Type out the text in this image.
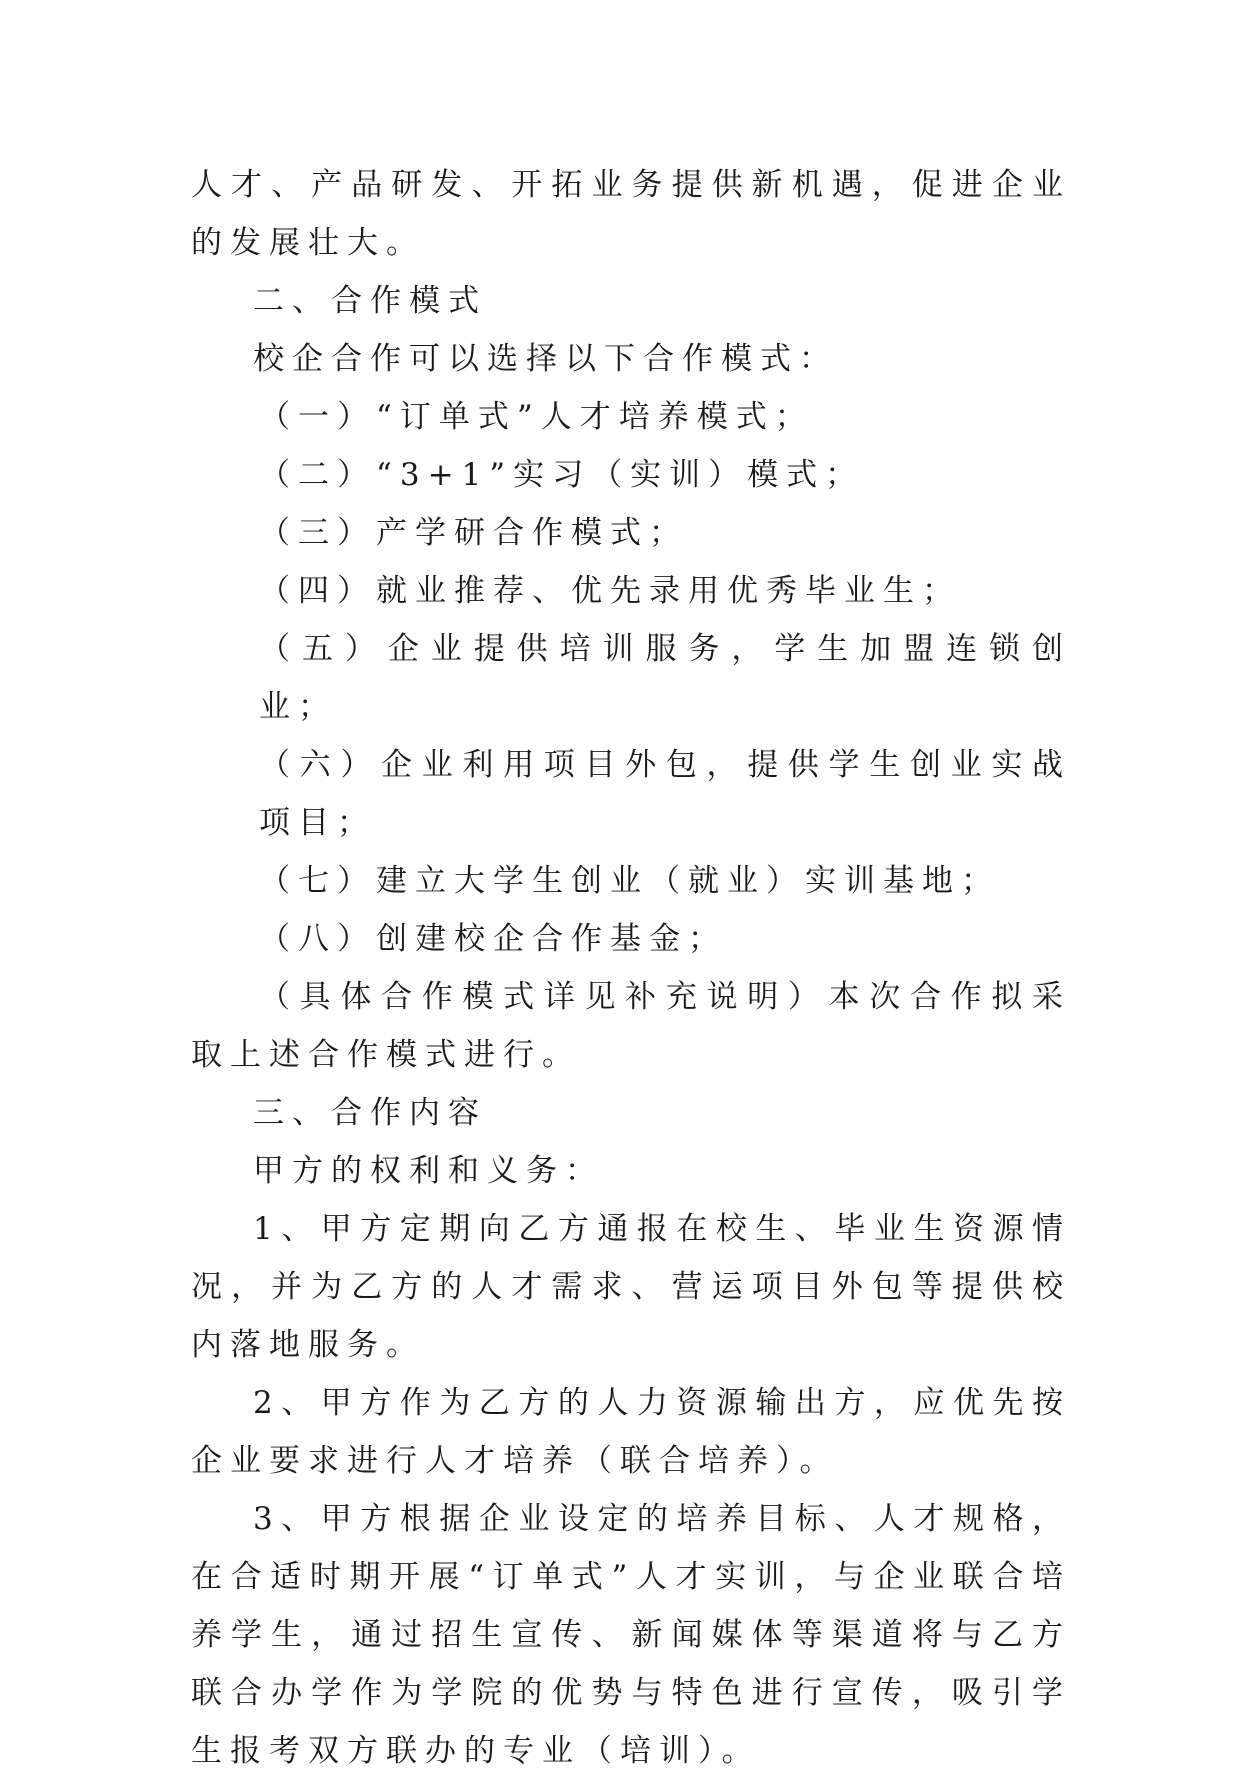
人才、产品研发、开拓业务提供新机遇，促进企业的发展壮大。

二、合作模式

校企合作可以选择以下合作模式：

（一）“订单式”人才培养模式；

（二）“3+1”实习（实训）模式；

（三）产学研合作模式；

（四）就业推荐、优先录用优秀毕业生；

（五）企业提供培训服务，学生加盟连锁创业；

（六）企业利用项目外包，提供学生创业实战项目；

（七）建立大学生创业（就业）实训基地；

（八）创建校企合作基金；

（具体合作模式详见补充说明）本次合作拟采取上述合作模式进行。

三、合作内容

甲方的权利和义务：

1、甲方定期向乙方通报在校生、毕业生资源情况，并为乙方的人才需求、营运项目外包等提供校内落地服务。

2、甲方作为乙方的人力资源输出方，应优先按企业要求进行人才培养（联合培养）。

3、甲方根据企业设定的培养目标、人才规格，在合适时期开展“订单式”人才实训，与企业联合培养学生，通过招生宣传、新闻媒体等渠道将与乙方联合办学作为学院的优势与特色进行宣传，吸引学生报考双方联办的专业（培训）。
